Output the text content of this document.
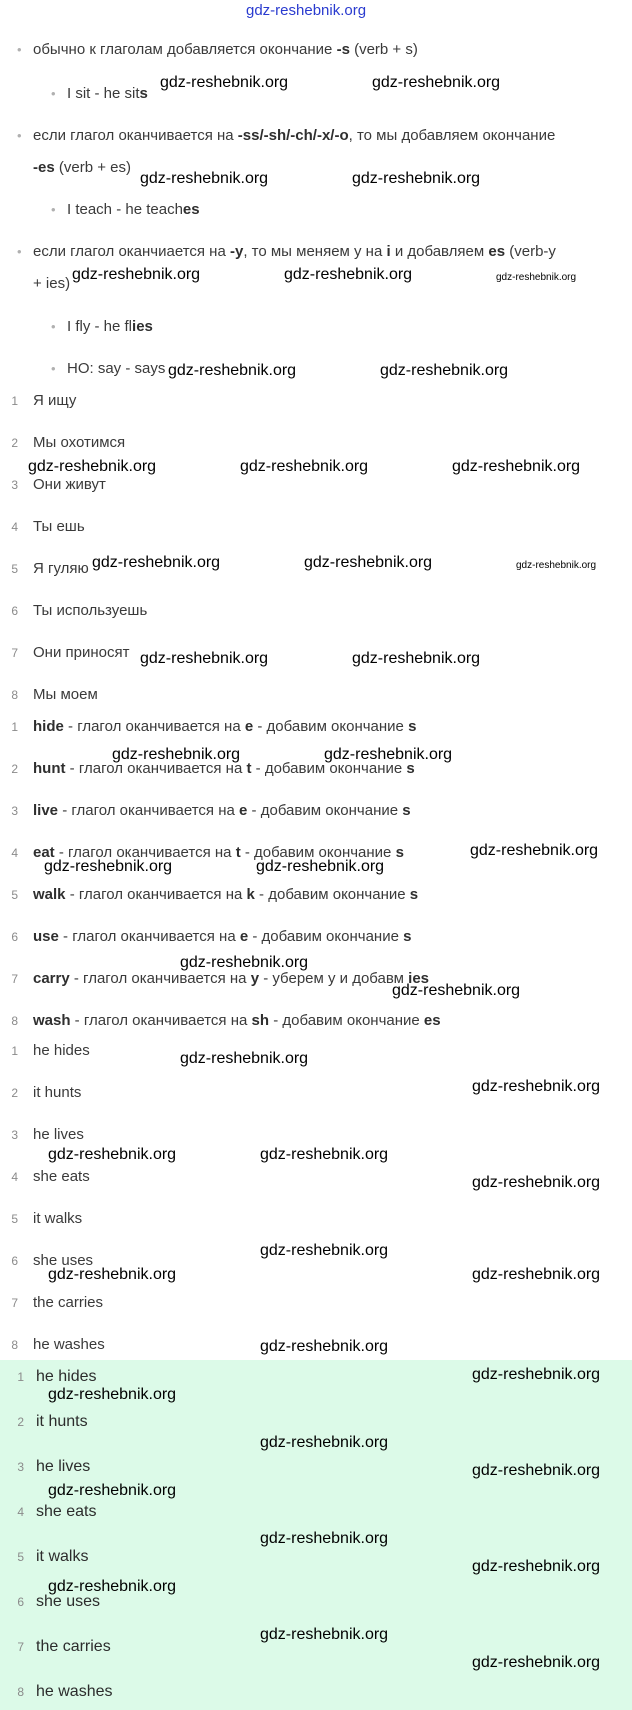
gdz-reshebnik.org
• обычно к глаголам добавляется окончание -s (verb + s)
• I sit - he sits
• если глагол оканчивается на -ss/-sh/-ch/-x/-o, то мы добавляем окончание
-es (verb + es)
• I teach - he teaches
• если глагол оканчиается на -y, то мы меняем у на i и добавляем es (verb-y
+ ies)
• I fly - he flies
• НО: say - says
1 Я ищу
2 Мы охотимся
3 Они живут
4 Ты ешь
5 Я гуляю
6 Ты используешь
7 Они приносят
8 Мы моем
1 hide - глагол оканчивается на e - добавим окончание s
2 hunt - глагол оканчивается на t - добавим окончание s
3 live - глагол оканчивается на e - добавим окончание s
4 eat - глагол оканчивается на t - добавим окончание s
5 walk - глагол оканчивается на k - добавим окончание s
6 use - глагол оканчивается на e - добавим окончание s
7 carry - глагол оканчивается на y - уберем у и добавм ies
8 wash - глагол оканчивается на sh - добавим окончание es
1 he hides
2 it hunts
3 he lives
4 she eats
5 it walks
6 she uses
7 the carries
8 he washes
1 he hides
2 it hunts
3 he lives
4 she eats
5 it walks
6 she uses
7 the carries
8 he washes
gdz-reshebnik.org	gdz-reshebnik.org
gdz-reshebnik.org	gdz-reshebnik.org
gdz-reshebnik.org	gdz-reshebnik.org	gdz-reshebnik.org
gdz-reshebnik.org	gdz-reshebnik.org
gdz-reshebnik.org	gdz-reshebnik.org	gdz-reshebnik.org
gdz-reshebnik.org	gdz-reshebnik.org	gdz-reshebnik.org
gdz-reshebnik.org	gdz-reshebnik.org
gdz-reshebnik.org	gdz-reshebnik.org
gdz-reshebnik.org
gdz-reshebnik.org	gdz-reshebnik.org
gdz-reshebnik.org
gdz-reshebnik.org
gdz-reshebnik.org
gdz-reshebnik.org
gdz-reshebnik.org	gdz-reshebnik.org
gdz-reshebnik.org
gdz-reshebnik.org
gdz-reshebnik.org	gdz-reshebnik.org
gdz-reshebnik.org
gdz-reshebnik.org
gdz-reshebnik.org
gdz-reshebnik.org
gdz-reshebnik.org
gdz-reshebnik.org
gdz-reshebnik.org
gdz-reshebnik.org
gdz-reshebnik.org
gdz-reshebnik.org
gdz-reshebnik.org
